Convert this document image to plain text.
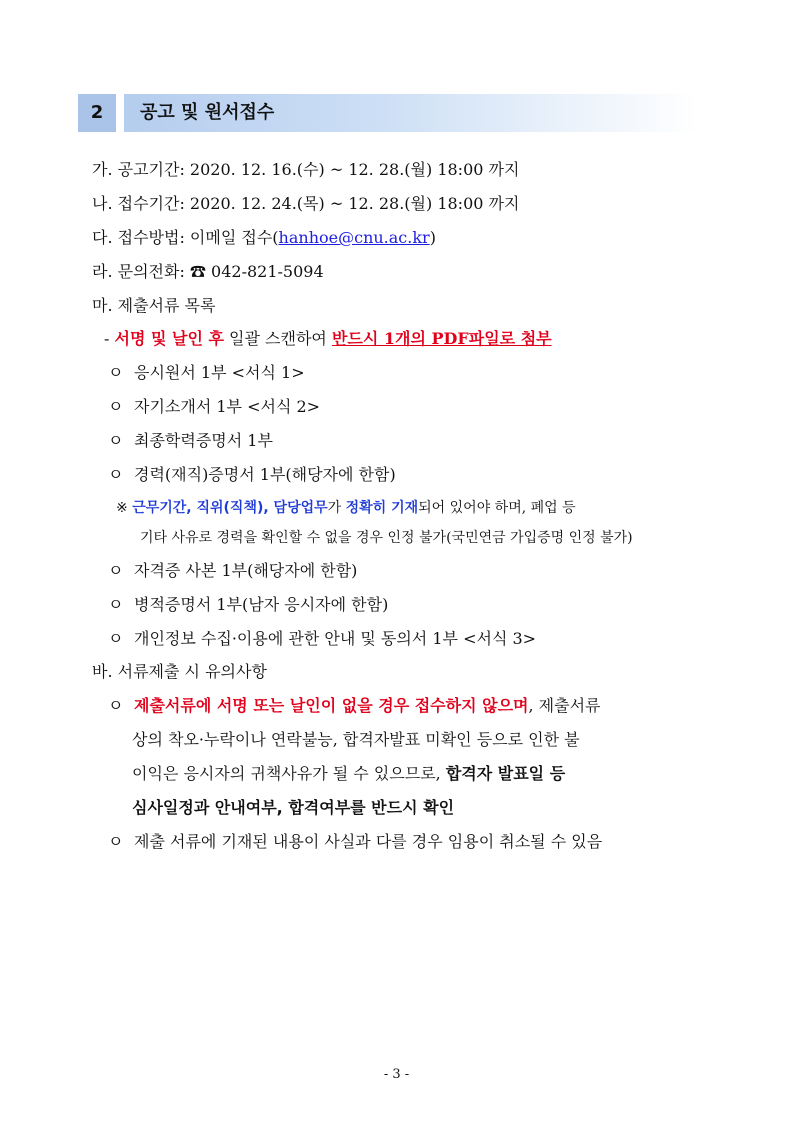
2	공고 및 원서접수
가. 공고기간: 2020. 12. 16.(수) ~ 12. 28.(월) 18:00 까지
나. 접수기간: 2020. 12. 24.(목) ~ 12. 28.(월) 18:00 까지
다. 접수방법: 이메일 접수(hanhoe@cnu.ac.kr)
라. 문의전화: ☎ 042-821-5094
마. 제출서류 목록
- 서명 및 날인 후 일괄 스캔하여 반드시 1개의 PDF파일로 첨부
ㅇ 응시원서 1부 <서식 1>
ㅇ 자기소개서 1부 <서식 2>
ㅇ 최종학력증명서 1부
ㅇ 경력(재직)증명서 1부(해당자에 한함)
※ 근무기간, 직위(직책), 담당업무가 정확히 기재되어 있어야 하며, 폐업 등
기타 사유로 경력을 확인할 수 없을 경우 인정 불가(국민연금 가입증명 인정 불가)
ㅇ 자격증 사본 1부(해당자에 한함)
ㅇ 병적증명서 1부(남자 응시자에 한함)
ㅇ 개인정보 수집·이용에 관한 안내 및 동의서 1부 <서식 3>
바. 서류제출 시 유의사항
ㅇ 제출서류에 서명 또는 날인이 없을 경우 접수하지 않으며, 제출서류
상의 착오·누락이나 연락불능, 합격자발표 미확인 등으로 인한 불
이익은 응시자의 귀책사유가 될 수 있으므로, 합격자 발표일 등
심사일정과 안내여부, 합격여부를 반드시 확인
ㅇ 제출 서류에 기재된 내용이 사실과 다를 경우 임용이 취소될 수 있음
- 3 -
